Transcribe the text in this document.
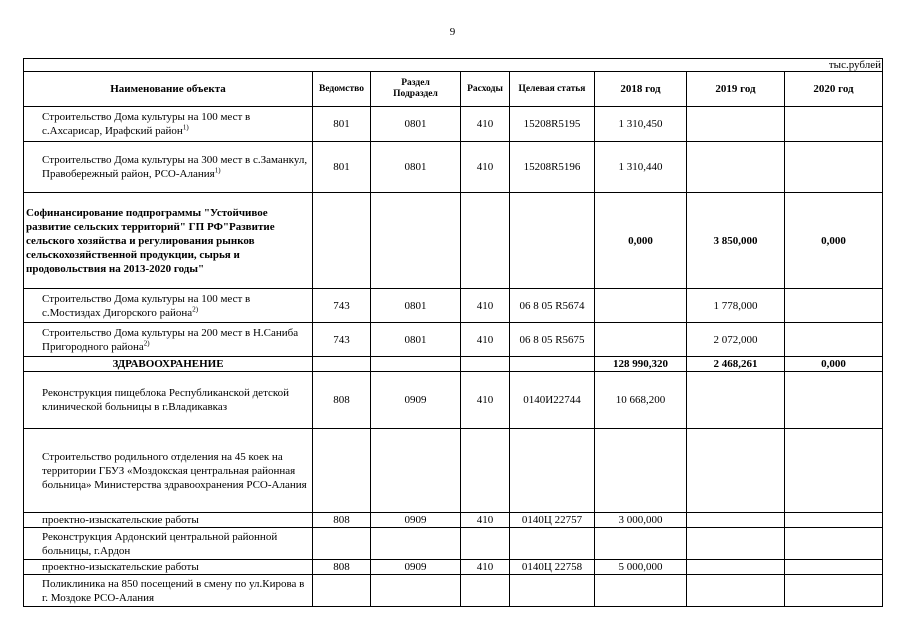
9
тыс.рублей							
Наименование объекта	Ведомство	Раздел Подраздел	Расходы	Целевая статья	2018 год	2019 год	2020 год
Строительство Дома культуры на 100 мест в с.Ахсарисар, Ирафский район$^{1)}$	801	0801	410	15208R5195	1 310,450		
Строительство Дома культуры на 300 мест в с.Заманкул, Правобережный район, РСО-Алания$^{1)}$	801	0801	410	15208R5196	1 310,440		
Софинансирование подпрограммы "Устойчивое развитие сельских территорий" ГП РФ"Развитие сельского хозяйства и регулирования рынков сельскохозяйственной продукции, сырья и продовольствия на 2013-2020 годы"					0,000	3 850,000	0,000
Строительство Дома культуры на 100 мест в с.Мостиздах Дигорского района$^{2)}$	743	0801	410	06 8 05 R5674		1 778,000	
Строительство Дома культуры на 200 мест в Н.Саниба Пригородного района$^{2)}$	743	0801	410	06 8 05 R5675		2 072,000	
ЗДРАВООХРАНЕНИЕ					128 990,320	2 468,261	0,000
Реконструкция пищеблока Республиканской детской клинической больницы в г.Владикавказ	808	0909	410	0140И22744	10 668,200		
Строительство родильного отделения на 45 коек на территории ГБУЗ «Моздокская центральная районная больница» Министерства здравоохранения РСО-Алания							
проектно-изыскательские работы	808	0909	410	0140Ц 22757	3 000,000		
Реконструкция Ардонский центральной районной больницы, г.Ардон							
проектно-изыскательские работы	808	0909	410	0140Ц 22758	5 000,000		
Поликлиника на 850 посещений в смену по ул.Кирова в г. Моздоке РСО-Алания							
